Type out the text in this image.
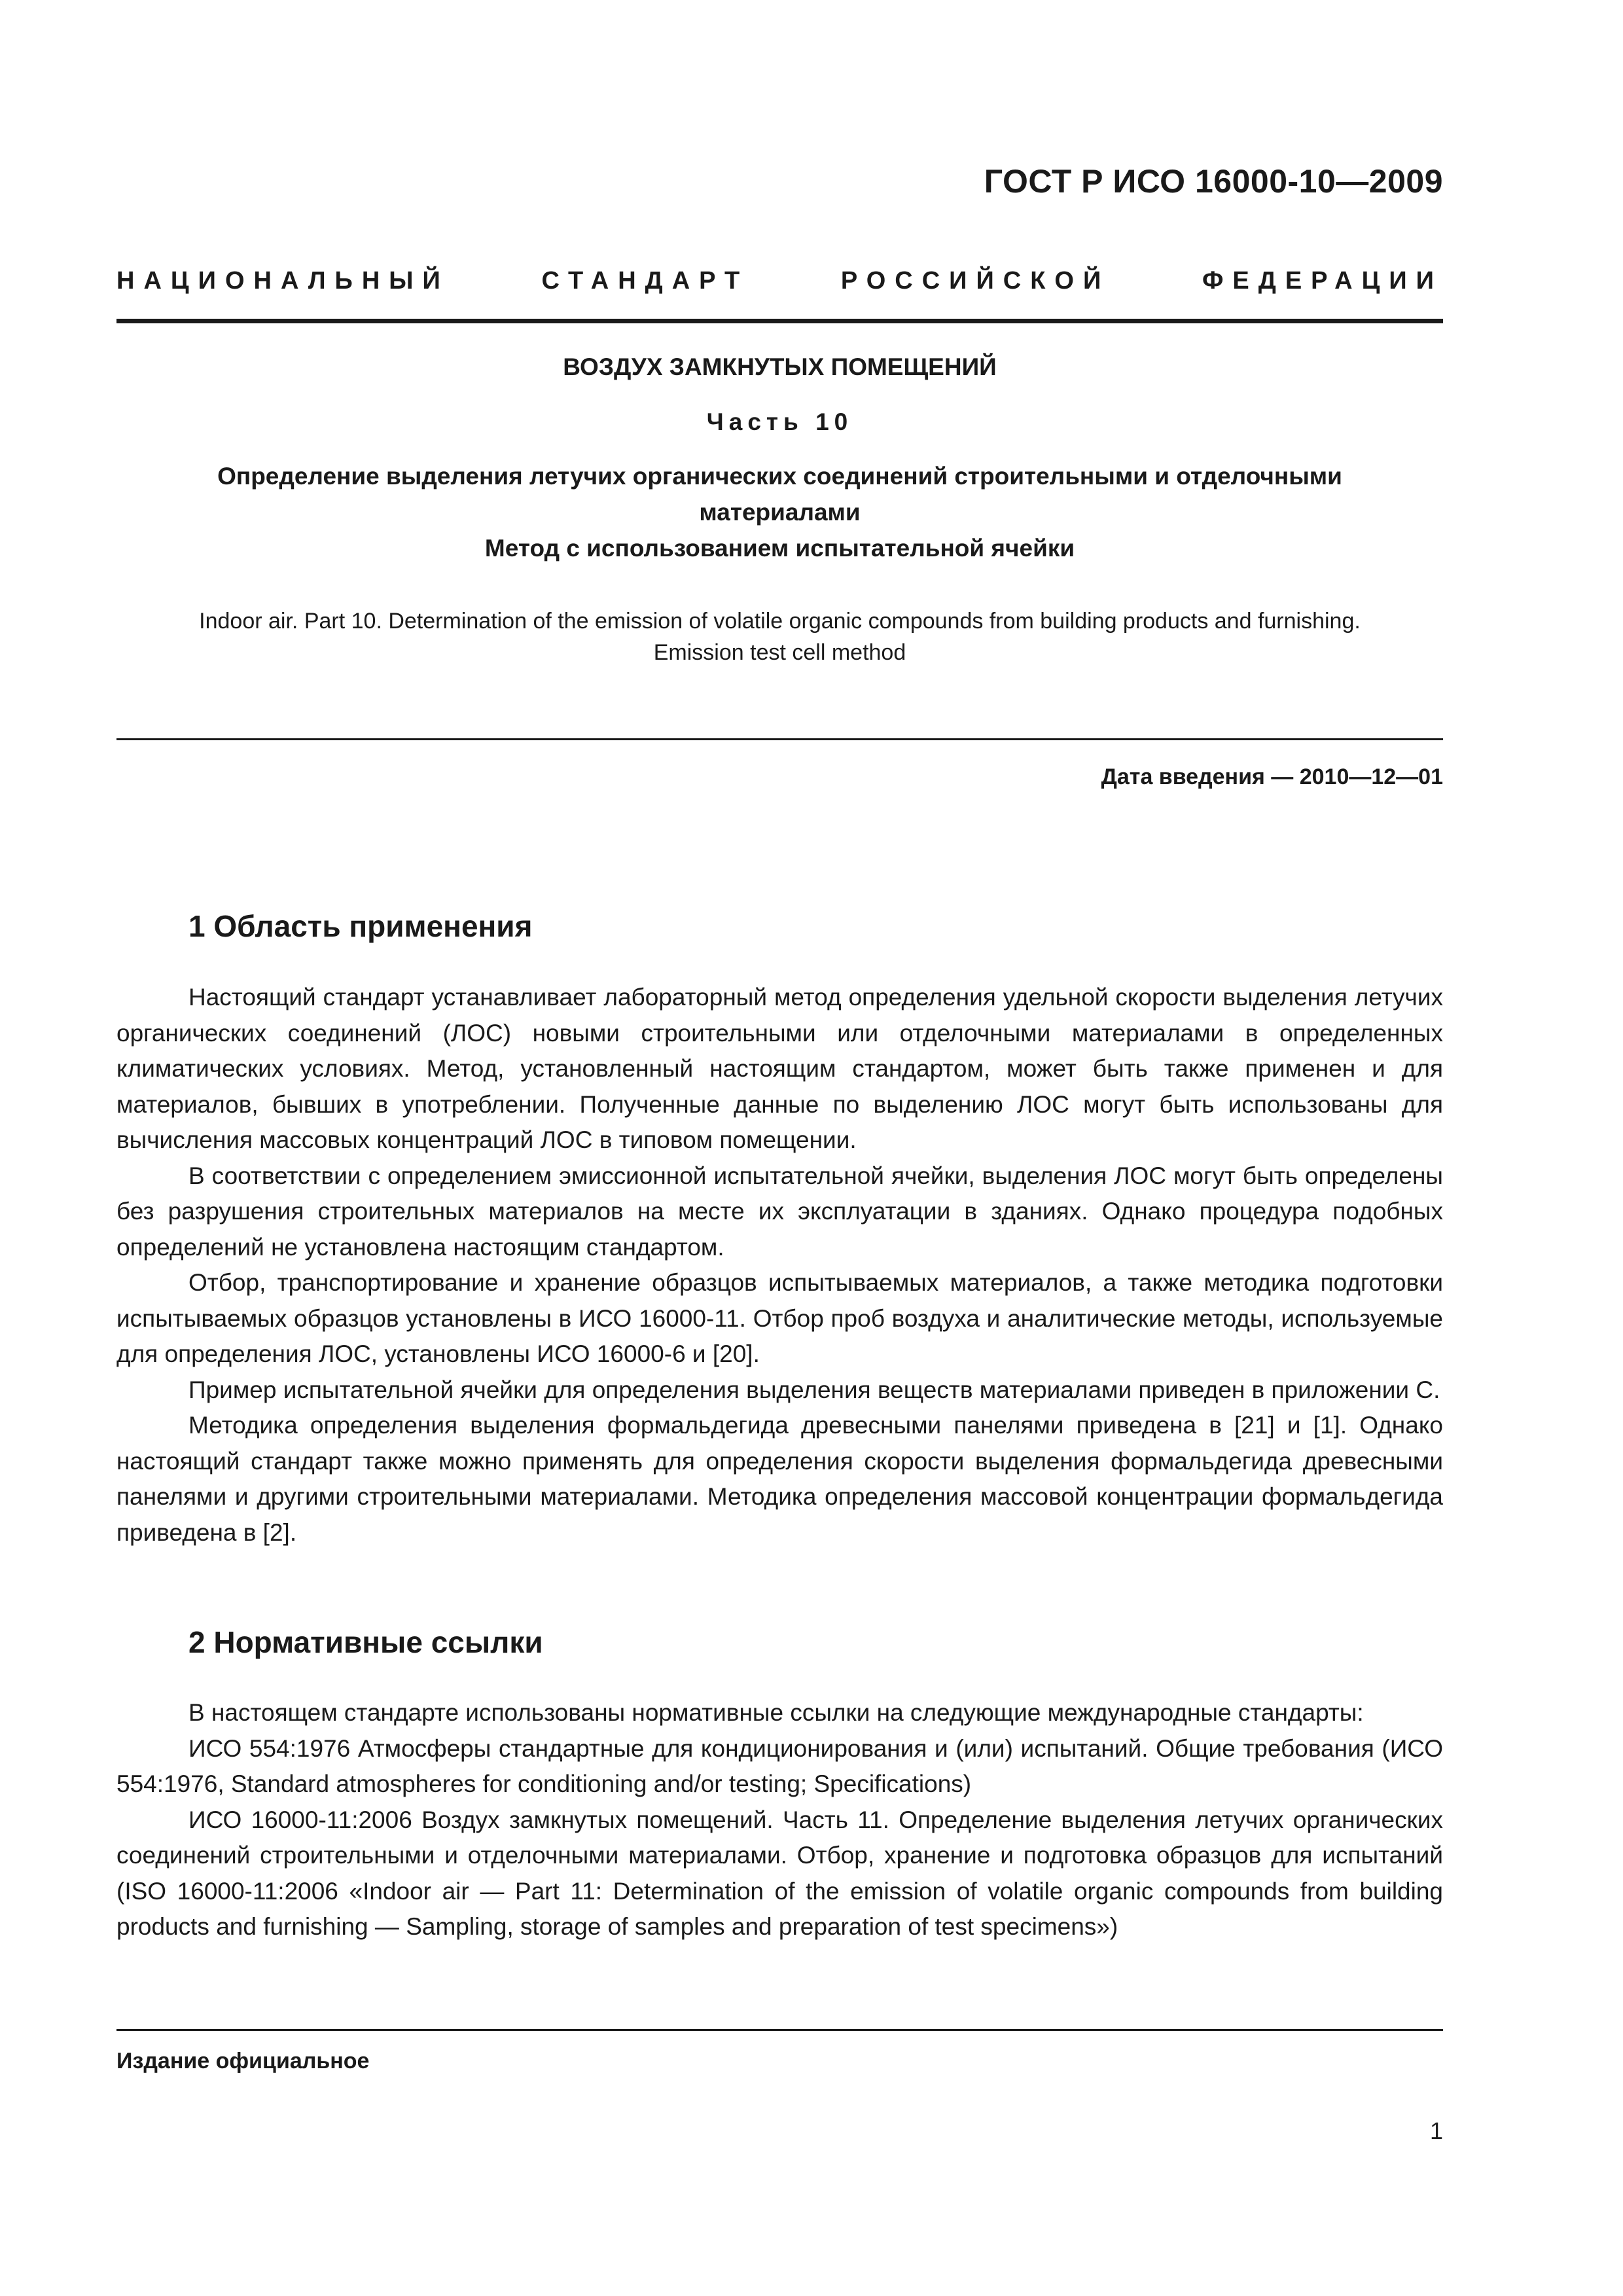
ГОСТ Р ИСО 16000-10—2009
НАЦИОНАЛЬНЫЙ СТАНДАРТ РОССИЙСКОЙ ФЕДЕРАЦИИ
ВОЗДУХ ЗАМКНУТЫХ ПОМЕЩЕНИЙ
Часть 10
Определение выделения летучих органических соединений строительными и отделочными
материалами
Метод с использованием испытательной ячейки
Indoor air. Part 10. Determination of the emission of volatile organic compounds from building products and furnishing.
Emission test cell method
Дата введения — 2010—12—01
1 Область применения

Настоящий стандарт устанавливает лабораторный метод определения удельной скорости выделения летучих органических соединений (ЛОС) новыми строительными или отделочными материалами в определенных климатических условиях. Метод, установленный настоящим стандартом, может быть также применен и для материалов, бывших в употреблении. Полученные данные по выделению ЛОС могут быть использованы для вычисления массовых концентраций ЛОС в типовом помещении.

В соответствии с определением эмиссионной испытательной ячейки, выделения ЛОС могут быть определены без разрушения строительных материалов на месте их эксплуатации в зданиях. Однако процедура подобных определений не установлена настоящим стандартом.

Отбор, транспортирование и хранение образцов испытываемых материалов, а также методика подготовки испытываемых образцов установлены в ИСО 16000-11. Отбор проб воздуха и аналитические методы, используемые для определения ЛОС, установлены ИСО 16000-6 и [20].

Пример испытательной ячейки для определения выделения веществ материалами приведен в приложении С.

Методика определения выделения формальдегида древесными панелями приведена в [21] и [1]. Однако настоящий стандарт также можно применять для определения скорости выделения формальдегида древесными панелями и другими строительными материалами. Методика определения массовой концентрации формальдегида приведена в [2].

2 Нормативные ссылки

В настоящем стандарте использованы нормативные ссылки на следующие международные стандарты:

ИСО 554:1976 Атмосферы стандартные для кондиционирования и (или) испытаний. Общие требования (ИСО 554:1976, Standard atmospheres for conditioning and/or testing; Specifications)

ИСО 16000-11:2006 Воздух замкнутых помещений. Часть 11. Определение выделения летучих органических соединений строительными и отделочными материалами. Отбор, хранение и подготовка образцов для испытаний (ISO 16000-11:2006 «Indoor air — Part 11: Determination of the emission of volatile organic compounds from building products and furnishing — Sampling, storage of samples and preparation of test specimens»)

Издание официальное
1
